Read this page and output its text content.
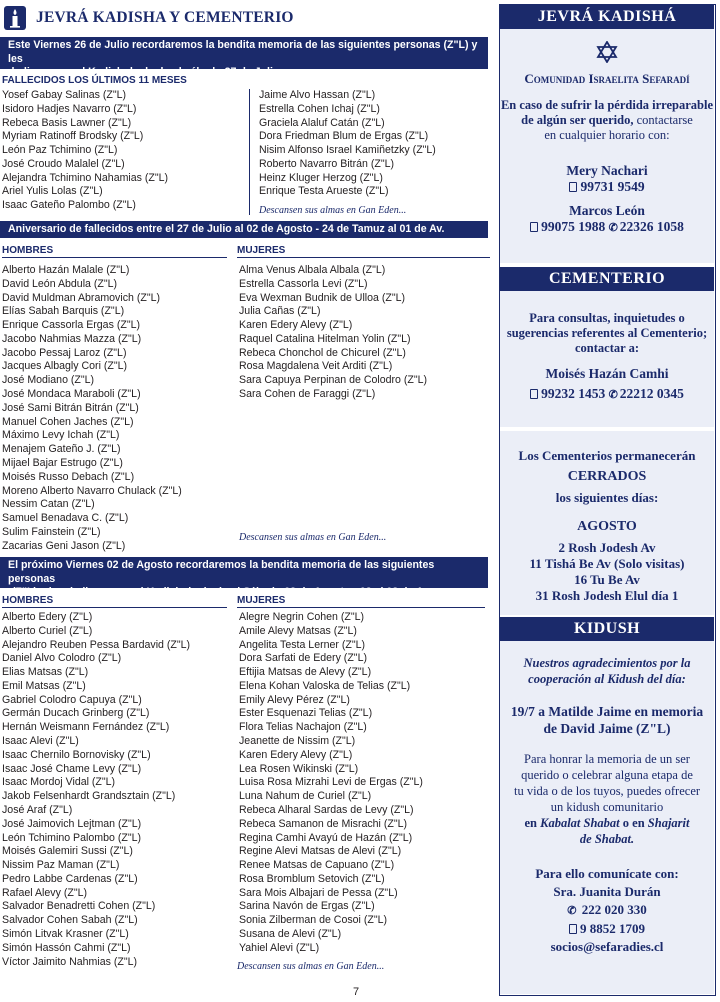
JEVRÁ KADISHA Y CEMENTERIO
Este Viernes 26 de Julio recordaremos la bendita memoria de las siguientes personas (Z"L) y les
dedicaremos el Kadish de duelo el sábado 27 de Julio.
FALLECIDOS LOS ÚLTIMOS 11 MESES
Yosef Gabay Salinas (Z"L)
Isidoro Hadjes Navarro (Z"L)
Rebeca Basis Lawner (Z"L)
Myriam Ratinoff Brodsky (Z"L)
León Paz Tchimino (Z"L)
José Croudo Malalel (Z"L)
Alejandra Tchimino Nahamias (Z"L)
Ariel Yulis Lolas (Z"L)
Isaac Gateño Palombo (Z"L)
Jaime Alvo Hassan (Z"L)
Estrella Cohen Ichaj (Z"L)
Graciela Alaluf Catán (Z"L)
Dora Friedman Blum de Ergas (Z"L)
Nisim Alfonso Israel Kamiñetzky (Z"L)
Roberto Navarro Bitrán (Z"L)
Heinz Kluger Herzog (Z"L)
Enrique Testa Arueste (Z"L)
Descansen sus almas en Gan Eden...
Aniversario de fallecidos entre el 27 de Julio al 02 de Agosto - 24 de Tamuz al 01 de Av.
HOMBRES	MUJERES
Alberto Hazán Malale (Z"L)
David León Abdula (Z"L)
David Muldman Abramovich (Z"L)
Elías Sabah Barquis (Z"L)
Enrique Cassorla Ergas (Z"L)
Jacobo Nahmias Mazza (Z"L)
Jacobo Pessaj Laroz (Z"L)
Jacques Albagly Cori (Z"L)
José Modiano (Z"L)
José Mondaca Maraboli (Z"L)
José Sami Bitrán Bitrán (Z"L)
Manuel Cohen Jaches (Z"L)
Máximo Levy Ichah (Z"L)
Menajem Gateño J. (Z"L)
Mijael Bajar Estrugo (Z"L)
Moisés Russo Debach (Z"L)
Moreno Alberto Navarro Chulack (Z"L)
Nessim Catan (Z"L)
Samuel Benadava C. (Z"L)
Sulim Fainstein (Z"L)
Zacarias Geni Jason (Z"L)
Alma Venus Albala Albala (Z"L)
Estrella Cassorla Levi (Z"L)
Eva Wexman Budnik de Ulloa (Z"L)
Julia Cañas (Z"L)
Karen Edery Alevy (Z"L)
Raquel Catalina Hitelman Yolin (Z"L)
Rebeca Chonchol de Chicurel (Z"L)
Rosa Magdalena Veit Arditi (Z"L)
Sara Capuya Perpinan de Colodro (Z"L)
Sara Cohen de Faraggi (Z"L)
Descansen sus almas en Gan Eden...
El próximo Viernes 02 de Agosto recordaremos la bendita memoria de las siguientes personas
(Z"L) y les dedicaremos el Kadish de duelo el Sábado 03 de Agosto - 02 al 08 de Av.
HOMBRES	MUJERES
Alberto Edery (Z"L)
Alberto Curiel (Z"L)
Alejandro Reuben Pessa Bardavid (Z"L)
Daniel Alvo Colodro (Z"L)
Elias Matsas (Z"L)
Emil Matsas (Z"L)
Gabriel Colodro Capuya (Z"L)
Germán Ducach Grinberg (Z"L)
Hernán Weismann Fernández (Z"L)
Isaac Alevi (Z"L)
Isaac Chernilo Bornovisky (Z"L)
Isaac José Chame Levy (Z"L)
Isaac Mordoj Vidal (Z"L)
Jakob Felsenhardt Grandsztain (Z"L)
José Araf (Z"L)
José Jaimovich Lejtman (Z"L)
León Tchimino Palombo (Z"L)
Moisés Galemiri Sussi (Z"L)
Nissim Paz Maman (Z"L)
Pedro Labbe Cardenas (Z"L)
Rafael Alevy (Z"L)
Salvador Benadretti Cohen (Z"L)
Salvador Cohen Sabah (Z"L)
Simón Litvak Krasner (Z"L)
Simón Hassón Cahmi (Z"L)
Víctor Jaimito Nahmias (Z"L)
Alegre Negrin Cohen (Z"L)
Amile Alevy Matsas (Z"L)
Angelita Testa Lerner (Z"L)
Dora Sarfati de Edery (Z"L)
Eftijia Matsas de Alevy (Z"L)
Elena Kohan Valoska de Telias (Z"L)
Emily Alevy Pérez (Z"L)
Ester Esquenazi Telias (Z"L)
Flora Telias Nachajon (Z"L)
Jeanette de Nissim (Z"L)
Karen Edery Alevy (Z"L)
Lea Rosen Wikinski (Z"L)
Luisa Rosa Mizrahi Levi de Ergas (Z"L)
Luna Nahum de Curiel (Z"L)
Rebeca Alharal Sardas de Levy (Z"L)
Rebeca Samanon de Misrachi (Z"L)
Regina Camhi Avayú de Hazán (Z"L)
Regine Alevi Matsas de Alevi (Z"L)
Renee Matsas de Capuano (Z"L)
Rosa Bromblum Setovich (Z"L)
Sara Mois Albajari de Pessa (Z"L)
Sarina Navón de Ergas (Z"L)
Sonia Zilberman de Cosoi (Z"L)
Susana de Alevi (Z"L)
Yahiel Alevi (Z"L)
Descansen sus almas en Gan Eden...
7
JEVRÁ KADISHÁ
Comunidad Israelita Sefaradí
En caso de sufrir la pérdida irreparable
de algún ser querido, contactarse
en cualquier horario con:
Mery Nachari
99731 9549
Marcos León
99075 1988 ✆ 22326 1058
CEMENTERIO
Para consultas, inquietudes o
sugerencias referentes al Cementerio;
contactar a:
Moisés Hazán Camhi
99232 1453 ✆ 22212 0345
Los Cementerios permanecerán
CERRADOS
los siguientes días:
AGOSTO
2 Rosh Jodesh Av
11 Tishá Be Av (Solo visitas)
16 Tu Be Av
31 Rosh Jodesh Elul día 1
KIDUSH
Nuestros agradecimientos por la
cooperación al Kidush del día:
19/7 a Matilde Jaime en memoria
de David Jaime (Z"L)
Para honrar la memoria de un ser
querido o celebrar alguna etapa de
tu vida o de los tuyos, puedes ofrecer
un kidush comunitario
en Kabalat Shabat o en Shajarit
de Shabat.
Para ello comunícate con:
Sra. Juanita Durán
✆ 222 020 330
9 8852 1709
socios@sefaradies.cl
